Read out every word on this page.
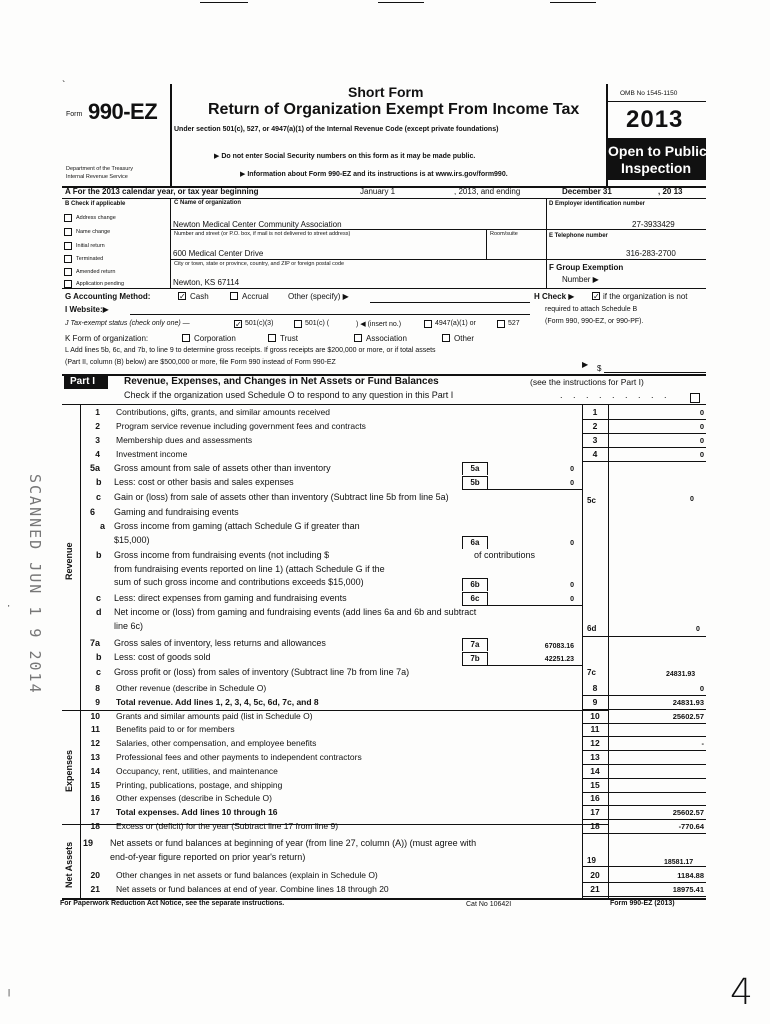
Form 990-EZ
Department of the Treasury
Internal Revenue Service
Short Form
Return of Organization Exempt From Income Tax
Under section 501(c), 527, or 4947(a)(1) of the Internal Revenue Code (except private foundations)
▶ Do not enter Social Security numbers on this form as it may be made public.
▶ Information about Form 990-EZ and its instructions is at www.irs.gov/form990.
OMB No 1545-1150
2013
Open to Public
Inspection
A For the 2013 calendar year, or tax year beginning	January 1	, 2013, and ending	December 31	, 20 13
B Check if applicable
Address change
Name change
Initial return
Terminated
Amended return
Application pending
C Name of organization
Newton Medical Center Community Association
Number and street (or P.O. box, if mail is not delivered to street address)	Room/suite
600 Medical Center Drive
City or town, state or province, country, and ZIP or foreign postal code
Newton, KS 67114
D Employer identification number
27-3933429
E Telephone number
316-283-2700
F Group Exemption
Number ▶
G Accounting Method:	✓ Cash	Accrual Other (specify) ▶	H Check ▶ ✓ if the organization is not
required to attach Schedule B
(Form 990, 990-EZ, or 990-PF).
I Website:▶
J Tax-exempt status (check only one) —	✓ 501(c)(3)	501(c) (	) ◀ (insert no.)	4947(a)(1) or	527
K Form of organization:	Corporation	Trust	Association	Other
L Add lines 5b, 6c, and 7b, to line 9 to determine gross receipts. If gross receipts are $200,000 or more, or if total assets
(Part II, column (B) below) are $500,000 or more, file Form 990 instead of Form 990-EZ	▶ $
Part I	Revenue, Expenses, and Changes in Net Assets or Fund Balances	(see the instructions for Part I)
Check if the organization used Schedule O to respond to any question in this Part I	. . . . . . . . .
Revenue
Expenses
Net Assets
1 Contributions, gifts, grants, and similar amounts received	1	0
2 Program service revenue including government fees and contracts	2	0
3 Membership dues and assessments	3	0
4 Investment income	4	0
5a Gross amount from sale of assets other than inventory	5a	0
b Less: cost or other basis and sales expenses	5b	0
c Gain or (loss) from sale of assets other than inventory (Subtract line 5b from line 5a)	5c	0
6 Gaming and fundraising events
a Gross income from gaming (attach Schedule G if greater than
$15,000)	6a	0
b Gross income from fundraising events (not including $	of contributions
from fundraising events reported on line 1) (attach Schedule G if the
sum of such gross income and contributions exceeds $15,000)	6b	0
c Less: direct expenses from gaming and fundraising events	6c	0
d Net income or (loss) from gaming and fundraising events (add lines 6a and 6b and subtract
line 6c)	6d	0
7a Gross sales of inventory, less returns and allowances	7a	67083.16
b Less: cost of goods sold	7b	42251.23
c Gross profit or (loss) from sales of inventory (Subtract line 7b from line 7a)	7c	24831.93
8 Other revenue (describe in Schedule O)	8	0
9 Total revenue. Add lines 1, 2, 3, 4, 5c, 6d, 7c, and 8	9	24831.93
10 Grants and similar amounts paid (list in Schedule O)	10	25602.57
11 Benefits paid to or for members	11
12 Salaries, other compensation, and employee benefits	12	-
13 Professional fees and other payments to independent contractors	13
14 Occupancy, rent, utilities, and maintenance	14
15 Printing, publications, postage, and shipping	15
16 Other expenses (describe in Schedule O)	16
17 Total expenses. Add lines 10 through 16	17	25602.57
18 Excess or (deficit) for the year (Subtract line 17 from line 9)	18	-770.64
19 Net assets or fund balances at beginning of year (from line 27, column (A)) (must agree with
end-of-year figure reported on prior year's return)	19	18581.17
20 Other changes in net assets or fund balances (explain in Schedule O)	20	1184.88
21 Net assets or fund balances at end of year. Combine lines 18 through 20	21	18975.41
For Paperwork Reduction Act Notice, see the separate instructions.	Cat No 10642I	Form 990-EZ (2013)
SCANNED JUN 1 9 2014
4
'
|
`
